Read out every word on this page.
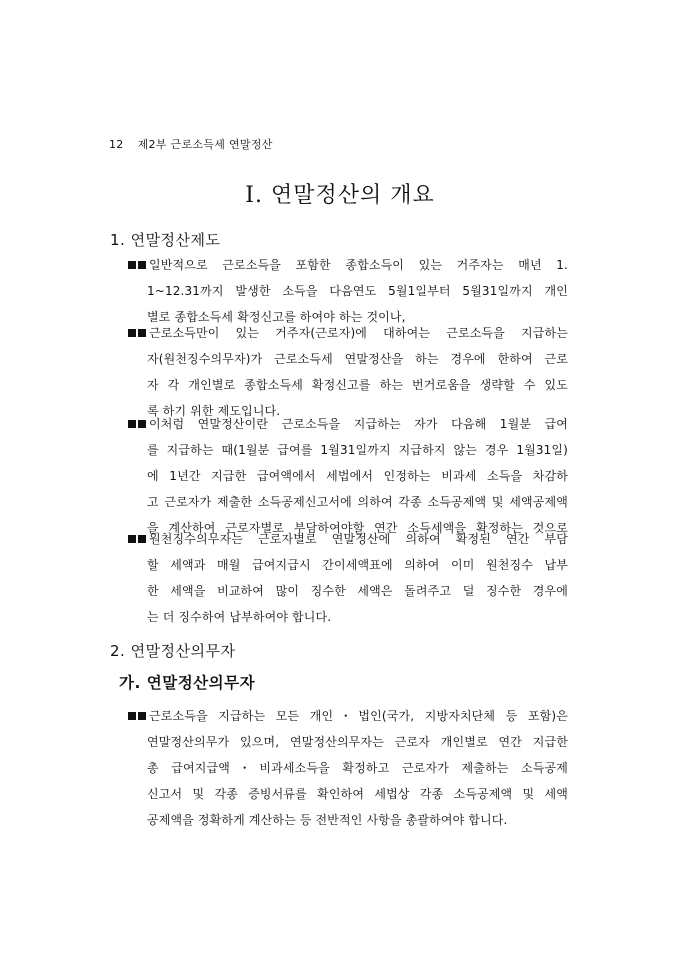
12 제2부 근로소득세 연말정산
Ⅰ. 연말정산의 개요
1. 연말정산제도
일반적으로 근로소득을 포함한 종합소득이 있는 거주자는 매년 1.
1~12.31까지 발생한 소득을 다음연도 5월1일부터 5월31일까지 개인
별로 종합소득세 확정신고를 하여야 하는 것이나,
근로소득만이 있는 거주자(근로자)에 대하여는 근로소득을 지급하는
자(원천징수의무자)가 근로소득세 연말정산을 하는 경우에 한하여 근로
자 각 개인별로 종합소득세 확정신고를 하는 번거로움을 생략할 수 있도
록 하기 위한 제도입니다.
이처럼 연말정산이란 근로소득을 지급하는 자가 다음해 1월분 급여
를 지급하는 때(1월분 급여를 1월31일까지 지급하지 않는 경우 1월31일)
에 1년간 지급한 급여액에서 세법에서 인정하는 비과세 소득을 차감하
고 근로자가 제출한 소득공제신고서에 의하여 각종 소득공제액 및 세액공제액
을 계산하여 근로자별로 부담하여야할 연간 소득세액을 확정하는 것으로
원천징수의무자는 근로자별로 연말정산에 의하여 확정된 연간 부담
할 세액과 매월 급여지급시 간이세액표에 의하여 이미 원천징수 납부
한 세액을 비교하여 많이 징수한 세액은 돌려주고 덜 징수한 경우에
는 더 징수하여 납부하여야 합니다.
2. 연말정산의무자
가. 연말정산의무자
근로소득을 지급하는 모든 개인・법인(국가, 지방자치단체 등 포함)은
연말정산의무가 있으며, 연말정산의무자는 근로자 개인별로 연간 지급한
총 급여지급액・비과세소득을 확정하고 근로자가 제출하는 소득공제
신고서 및 각종 증빙서류를 확인하여 세법상 각종 소득공제액 및 세액
공제액을 정확하게 계산하는 등 전반적인 사항을 총괄하여야 합니다.
